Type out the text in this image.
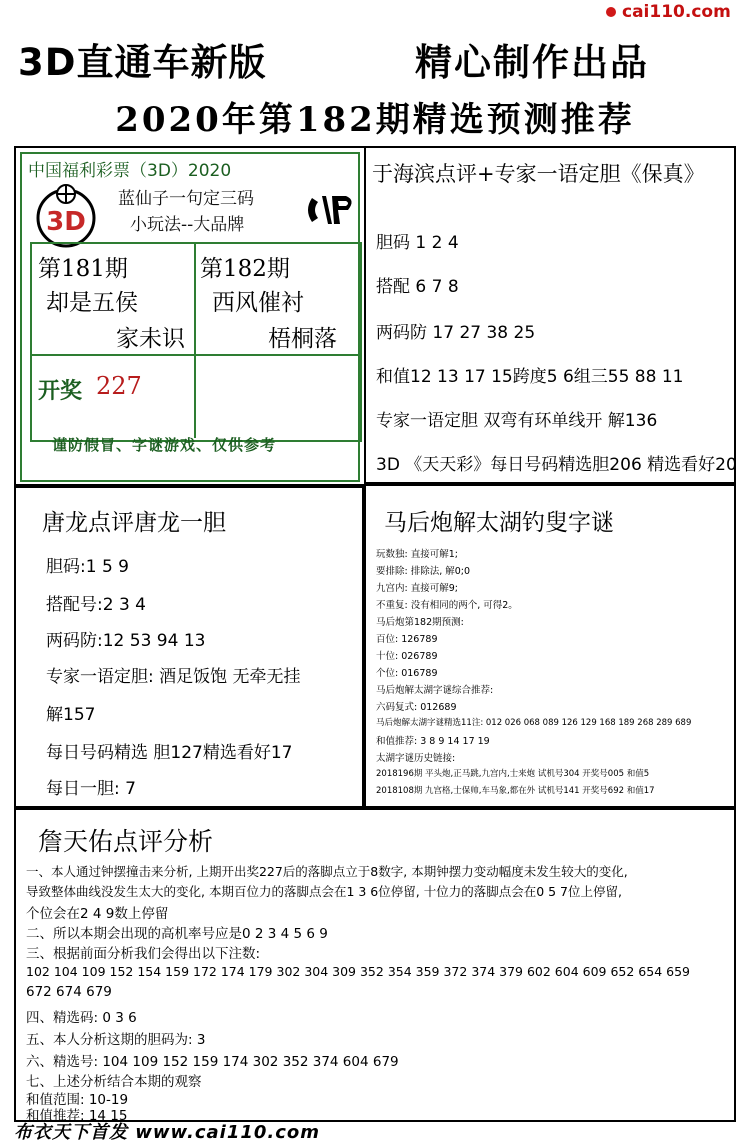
cai110.com
3D直通车新版	精心制作出品
2020年第182期精选预测推荐
中国福利彩票（3D）2020
3D
蓝仙子一句定三码
小玩法--大品牌
第181期
却是五侯
家未识
第182期
西风催衬
梧桐落
开奖 227
谨防假冒、字谜游戏、仅供参考
于海滨点评+专家一语定胆《保真》
胆码 1 2 4
搭配 6 7 8
两码防 17 27 38 25
和值12 13 17 15跨度5 6组三55 88 11
专家一语定胆 双弯有环单线开 解136
3D 《天天彩》每日号码精选胆206 精选看好20
唐龙点评唐龙一胆
胆码:1 5 9
搭配号:2 3 4
两码防:12 53 94 13
专家一语定胆: 酒足饭饱 无牵无挂
解157
每日号码精选 胆127精选看好17
每日一胆: 7
马后炮解太湖钓叟字谜
玩数独: 直接可解1;
要排除: 排除法, 解0;0
九宫内: 直接可解9;
不重复: 没有相同的两个, 可得2。
马后炮第182期预测:
百位: 126789
十位: 026789
个位: 016789
马后炮解太湖字谜综合推荐:
六码复式: 012689
马后炮解太湖字谜精选11注: 012 026 068 089 126 129 168 189 268 289 689
和值推荐: 3 8 9 14 17 19
太湖字谜历史链接:
2018196期 平头炮,正马跳,九宫内,士来炮 试机号304 开奖号005 和值5
2018108期 九宫格,士保帅,车马象,都在外 试机号141 开奖号692 和值17
詹天佑点评分析
一、本人通过钟摆撞击来分析, 上期开出奖227后的落脚点立于8数字, 本期钟摆力变动幅度未发生较大的变化,
导致整体曲线没发生太大的变化, 本期百位力的落脚点会在1 3 6位停留, 十位力的落脚点会在0 5 7位上停留,
个位会在2 4 9数上停留
二、所以本期会出现的高机率号应是0 2 3 4 5 6 9
三、根据前面分析我们会得出以下注数:
102 104 109 152 154 159 172 174 179 302 304 309 352 354 359 372 374 379 602 604 609 652 654 659
672 674 679
四、精选码: 0 3 6
五、本人分析这期的胆码为: 3
六、精选号: 104 109 152 159 174 302 352 374 604 679
七、上述分析结合本期的观察
和值范围: 10-19
和值推荐: 14 15
布衣天下首发 www.cai110.com
